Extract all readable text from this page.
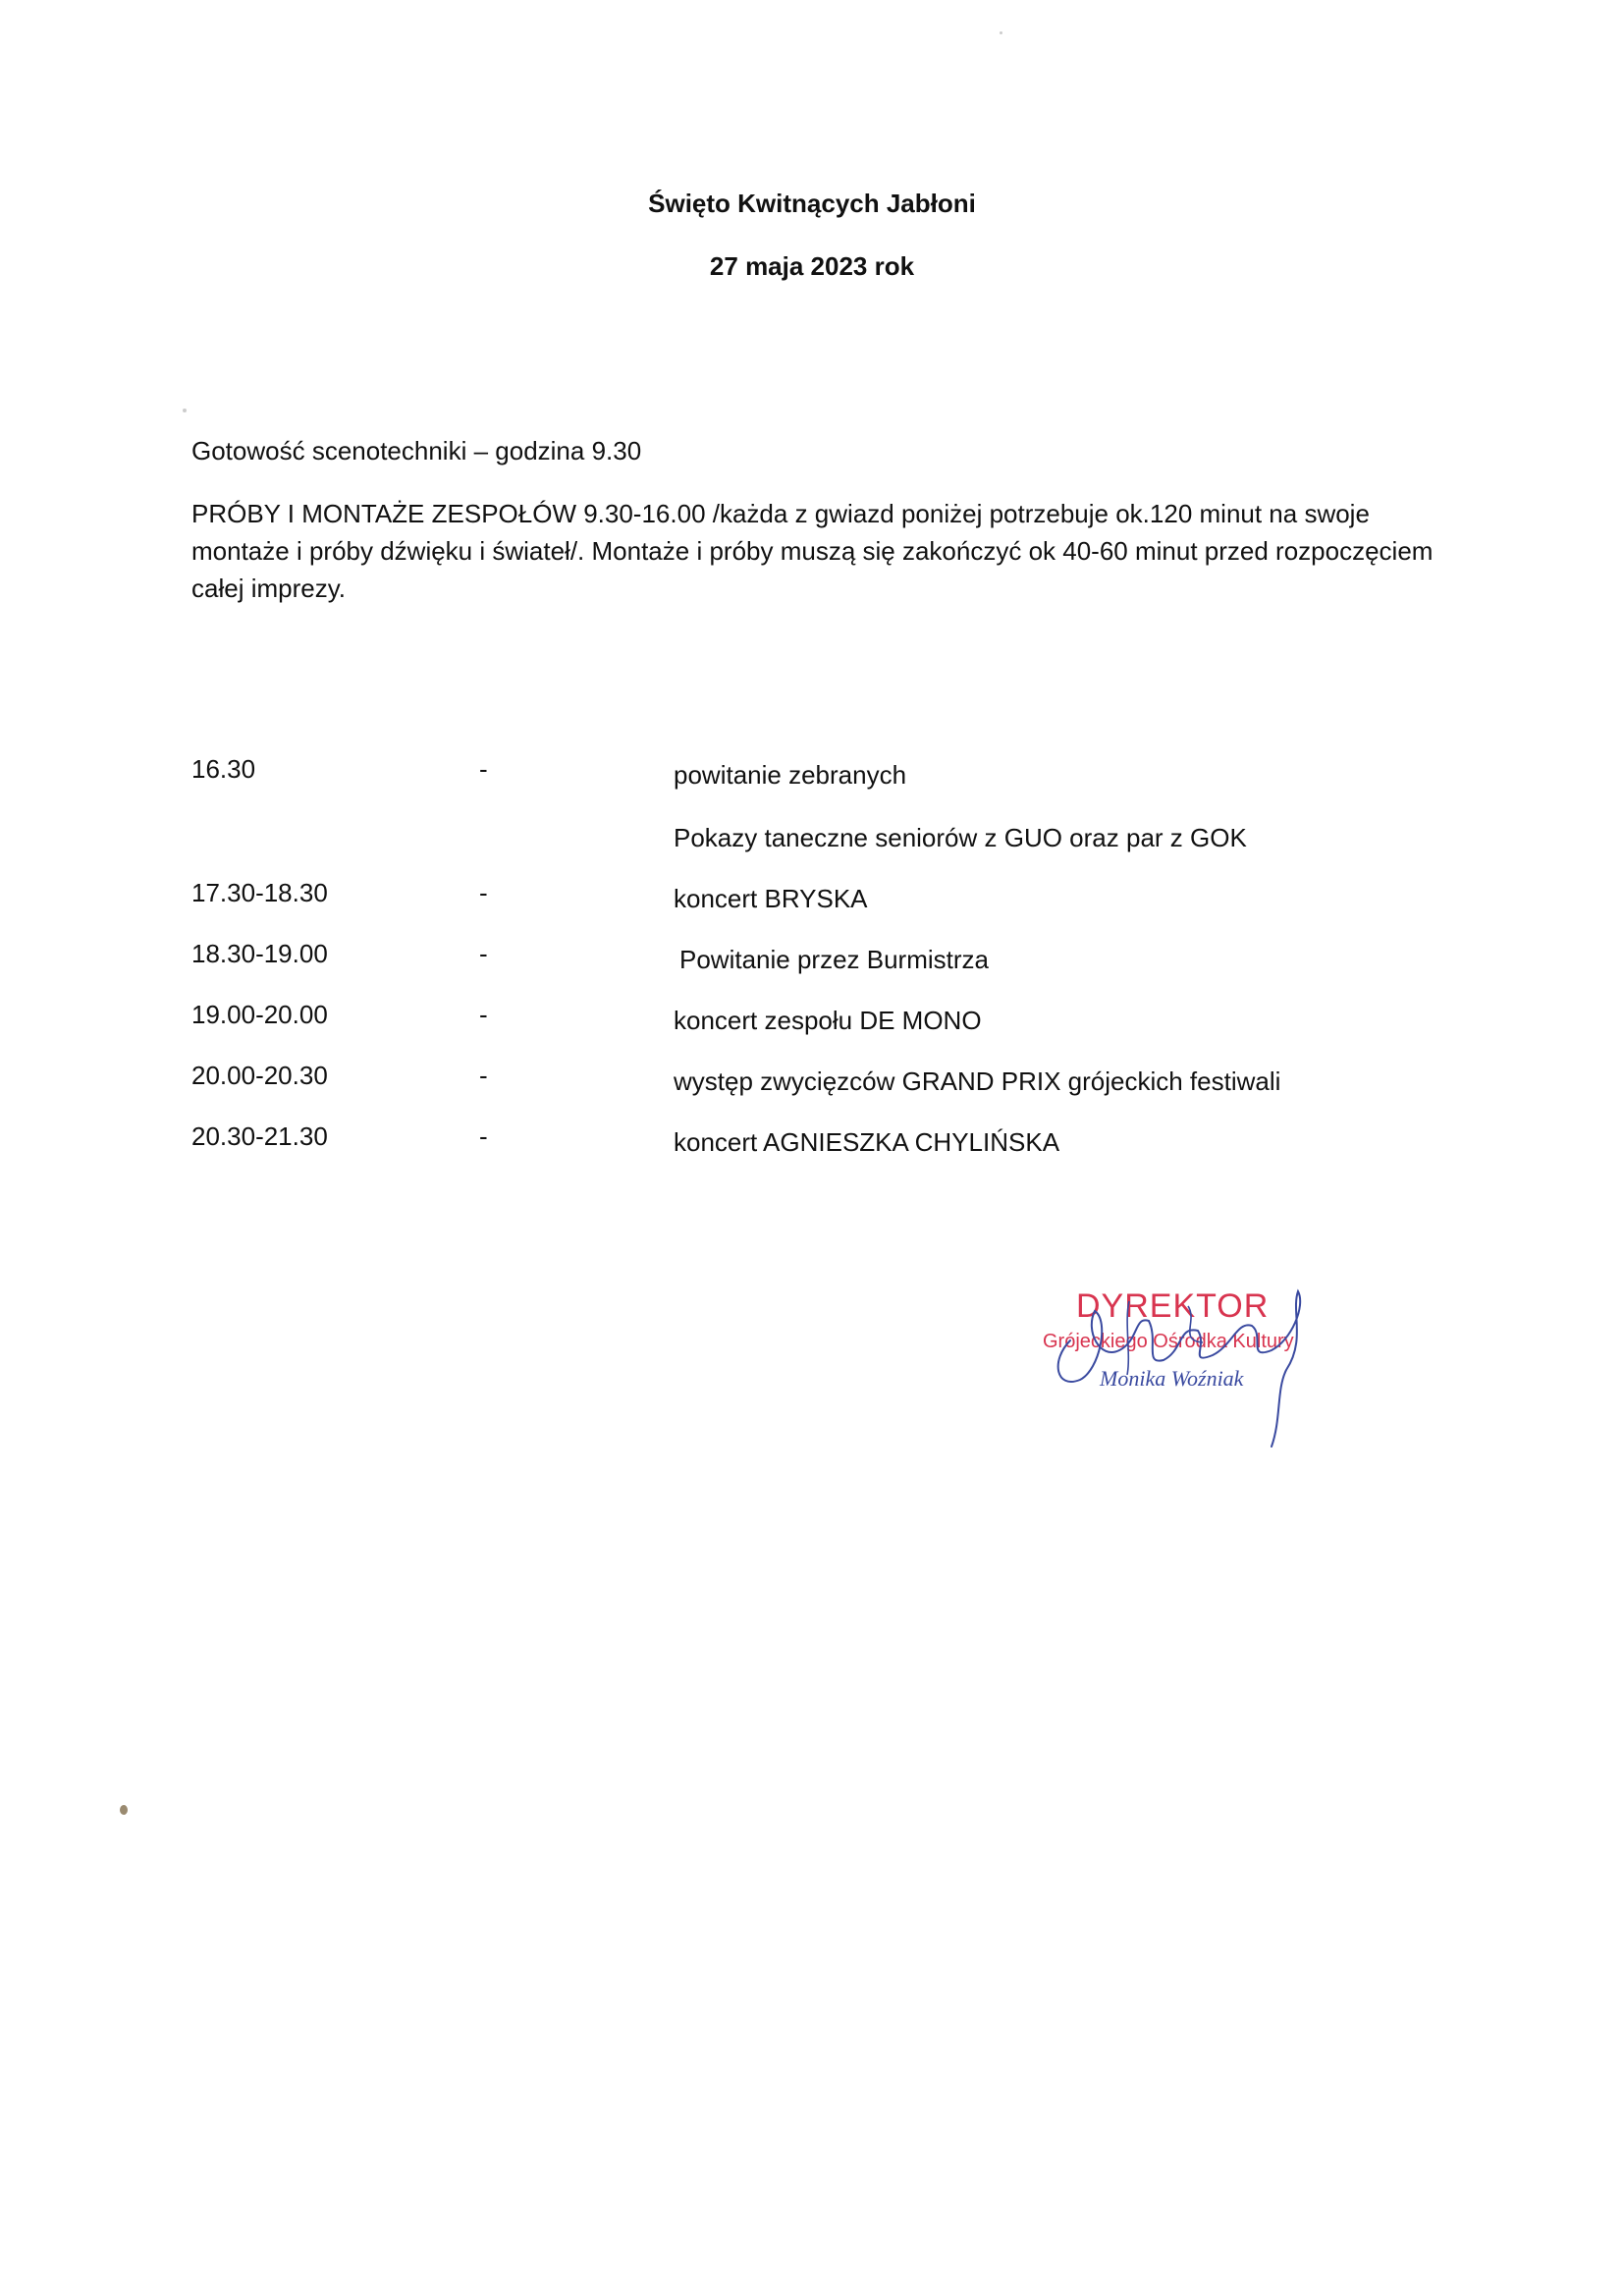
Święto Kwitnących Jabłoni
27 maja 2023 rok

Gotowość scenotechniki – godzina 9.30

PRÓBY I MONTAŻE ZESPOŁÓW 9.30-16.00 /każda z gwiazd poniżej potrzebuje ok.120 minut na swoje montaże i próby dźwięku i świateł/. Montaże i próby muszą się zakończyć ok 40-60 minut przed rozpoczęciem całej imprezy.

16.30	-	powitanie zebranych
Pokazy taneczne seniorów z GUO oraz par z GOK
17.30-18.30	-	koncert BRYSKA
18.30-19.00	-	Powitanie przez Burmistrza
19.00-20.00	-	koncert zespołu DE MONO
20.00-20.30	-	występ zwycięzców GRAND PRIX grójeckich festiwali
20.30-21.30	-	koncert AGNIESZKA CHYLIŃSKA
DYREKTOR
Grójeckiego Ośrodka Kultury
Monika Woźniak
